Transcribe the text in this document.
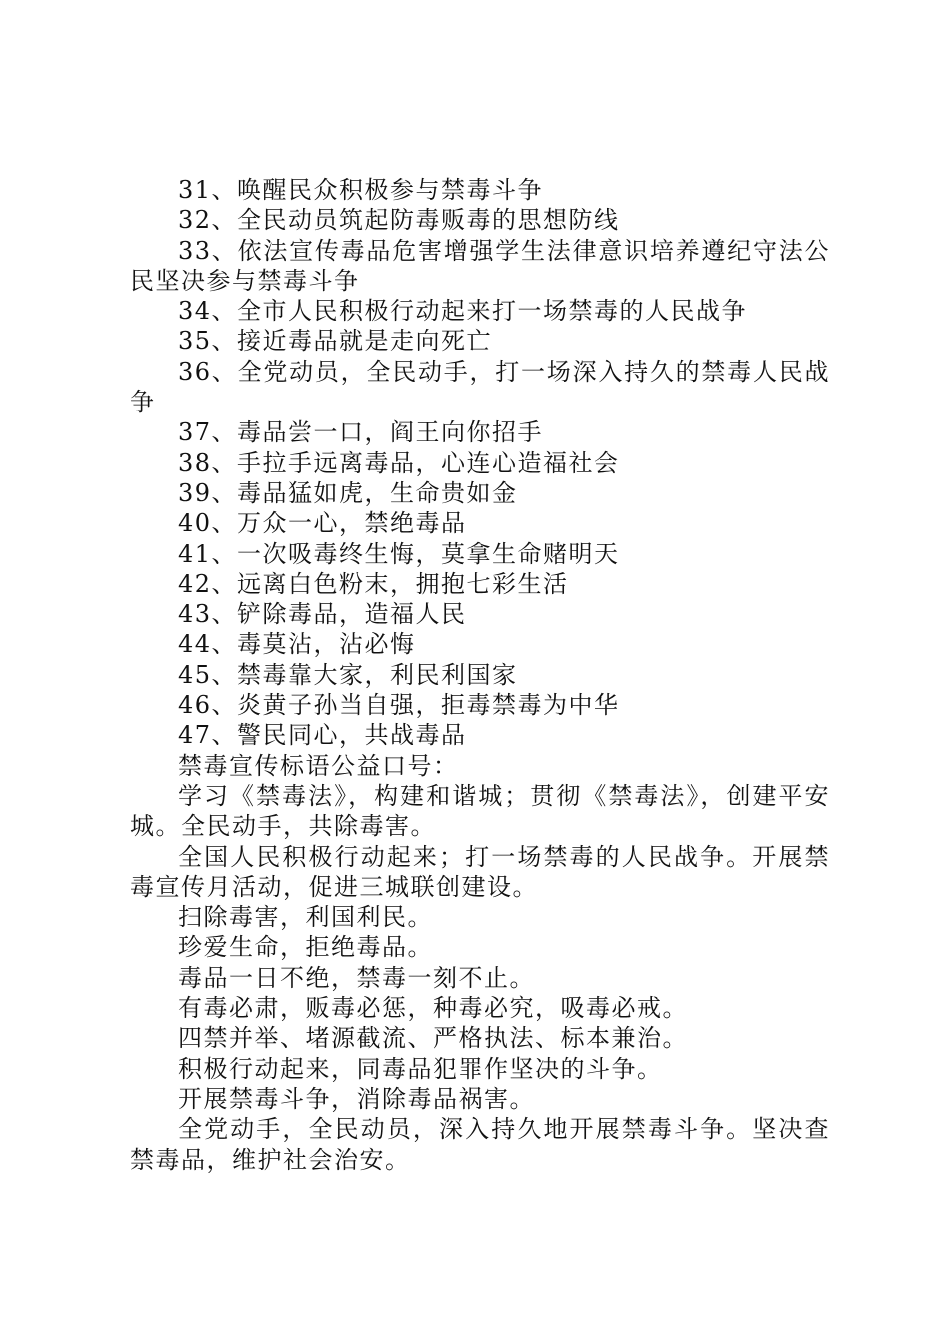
31、唤醒民众积极参与禁毒斗争

32、全民动员筑起防毒贩毒的思想防线

33、依法宣传毒品危害增强学生法律意识培养遵纪守法公民坚决参与禁毒斗争

34、全市人民积极行动起来打一场禁毒的人民战争

35、接近毒品就是走向死亡

36、全党动员，全民动手，打一场深入持久的禁毒人民战争

37、毒品尝一口，阎王向你招手

38、手拉手远离毒品，心连心造福社会

39、毒品猛如虎，生命贵如金

40、万众一心，禁绝毒品

41、一次吸毒终生悔，莫拿生命赌明天

42、远离白色粉末，拥抱七彩生活

43、铲除毒品，造福人民

44、毒莫沾，沾必悔

45、禁毒靠大家，利民利国家

46、炎黄子孙当自强，拒毒禁毒为中华

47、警民同心，共战毒品

禁毒宣传标语公益口号：

学习《禁毒法》，构建和谐城；贯彻《禁毒法》，创建平安城。全民动手，共除毒害。

全国人民积极行动起来；打一场禁毒的人民战争。开展禁毒宣传月活动，促进三城联创建设。

扫除毒害，利国利民。

珍爱生命，拒绝毒品。

毒品一日不绝，禁毒一刻不止。

有毒必肃，贩毒必惩，种毒必究，吸毒必戒。

四禁并举、堵源截流、严格执法、标本兼治。

积极行动起来，同毒品犯罪作坚决的斗争。

开展禁毒斗争，消除毒品祸害。

全党动手，全民动员，深入持久地开展禁毒斗争。坚决查禁毒品，维护社会治安。
